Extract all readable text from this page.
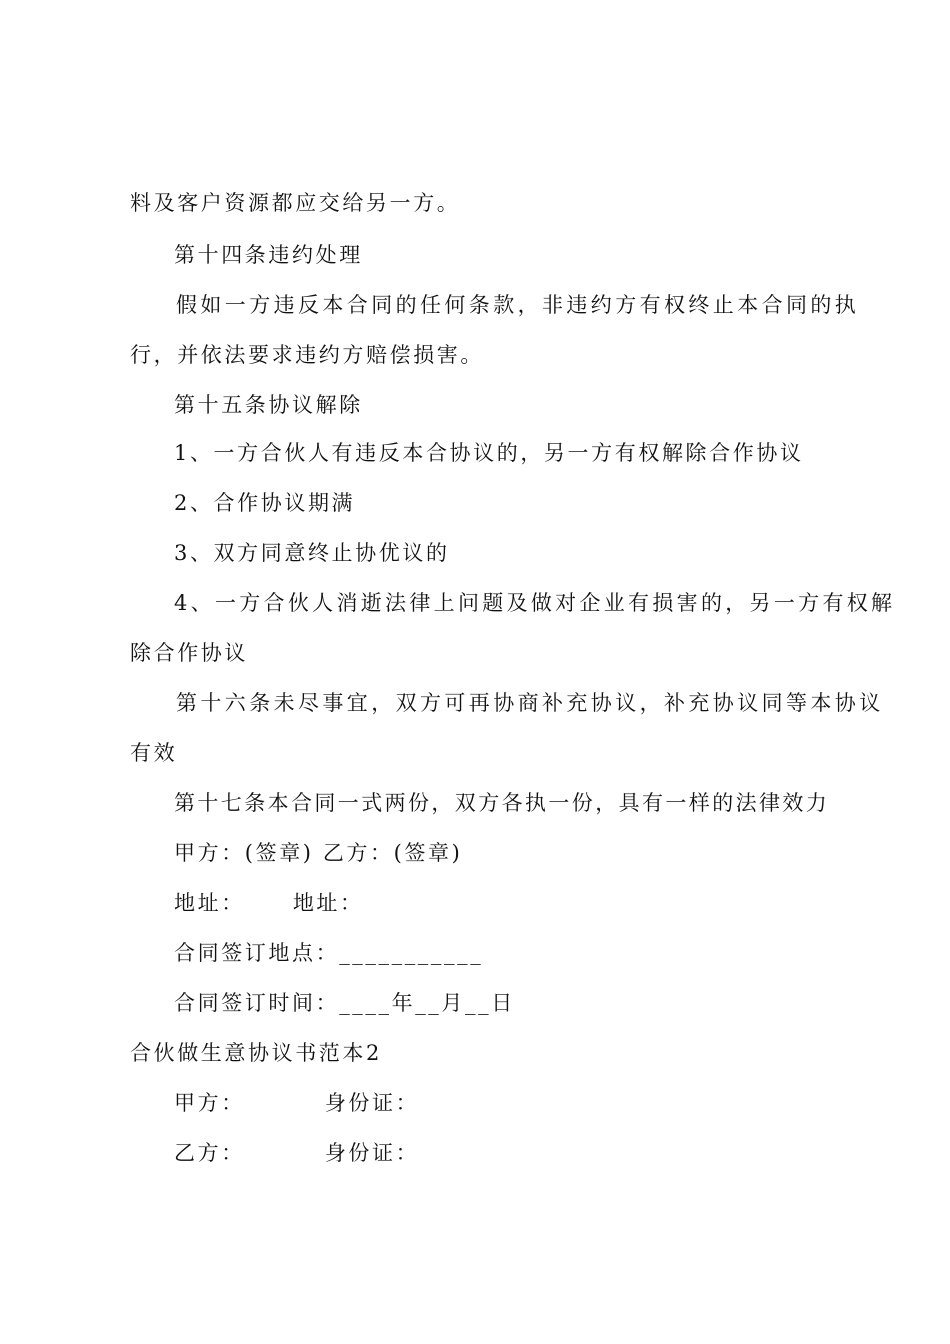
料及客户资源都应交给另一方。

第十四条违约处理

假如一方违反本合同的任何条款，非违约方有权终止本合同的执

行，并依法要求违约方赔偿损害。

第十五条协议解除

1、一方合伙人有违反本合协议的，另一方有权解除合作协议

2、合作协议期满

3、双方同意终止协优议的

4、一方合伙人消逝法律上问题及做对企业有损害的，另一方有权解

除合作协议

第十六条未尽事宜，双方可再协商补充协议，补充协议同等本协议

有效

第十七条本合同一式两份，双方各执一份，具有一样的法律效力

甲方：(签章) 乙方：(签章)

地址： 地址：

合同签订地点：___________

合同签订时间：____年__月__日

合伙做生意协议书范本2

甲方：	身份证：

乙方：	身份证：
